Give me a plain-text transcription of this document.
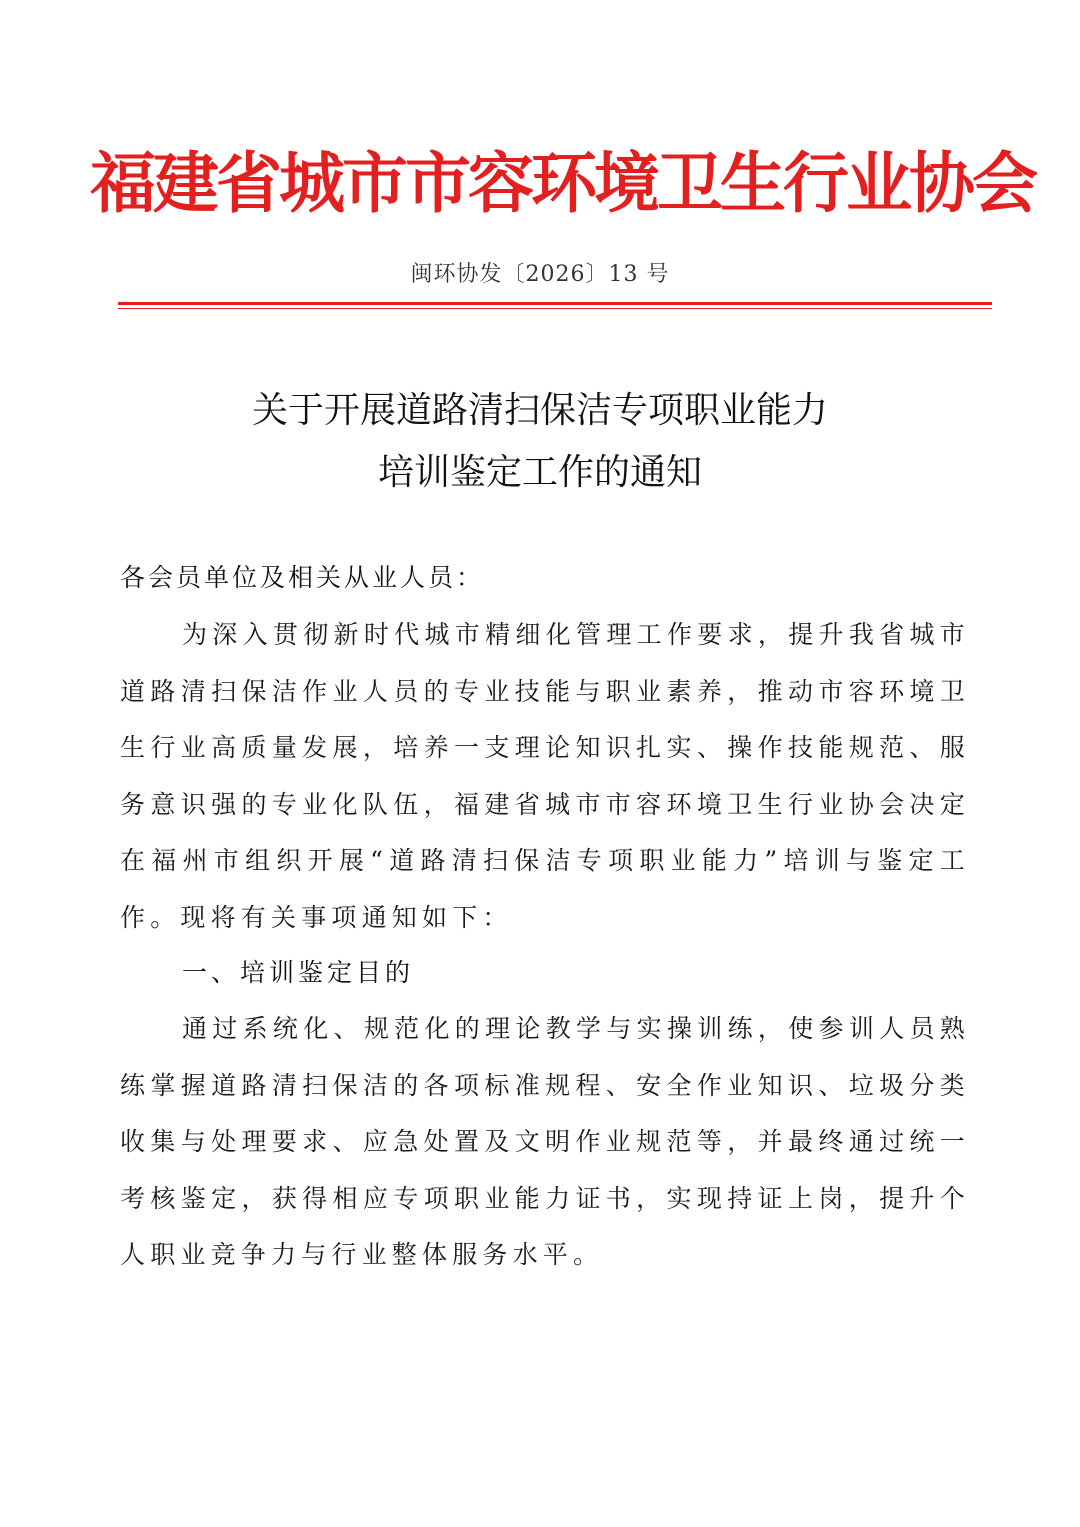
福建省城市市容环境卫生行业协会
闽环协发〔2026〕13 号
关于开展道路清扫保洁专项职业能力
培训鉴定工作的通知
各会员单位及相关从业人员：
为深入贯彻新时代城市精细化管理工作要求，提升我省城市道路清扫保洁作业人员的专业技能与职业素养，推动市容环境卫生行业高质量发展，培养一支理论知识扎实、操作技能规范、服务意识强的专业化队伍，福建省城市市容环境卫生行业协会决定在福州市组织开展“道路清扫保洁专项职业能力”培训与鉴定工作。现将有关事项通知如下：
一、培训鉴定目的
通过系统化、规范化的理论教学与实操训练，使参训人员熟练掌握道路清扫保洁的各项标准规程、安全作业知识、垃圾分类收集与处理要求、应急处置及文明作业规范等，并最终通过统一考核鉴定，获得相应专项职业能力证书，实现持证上岗，提升个人职业竞争力与行业整体服务水平。
